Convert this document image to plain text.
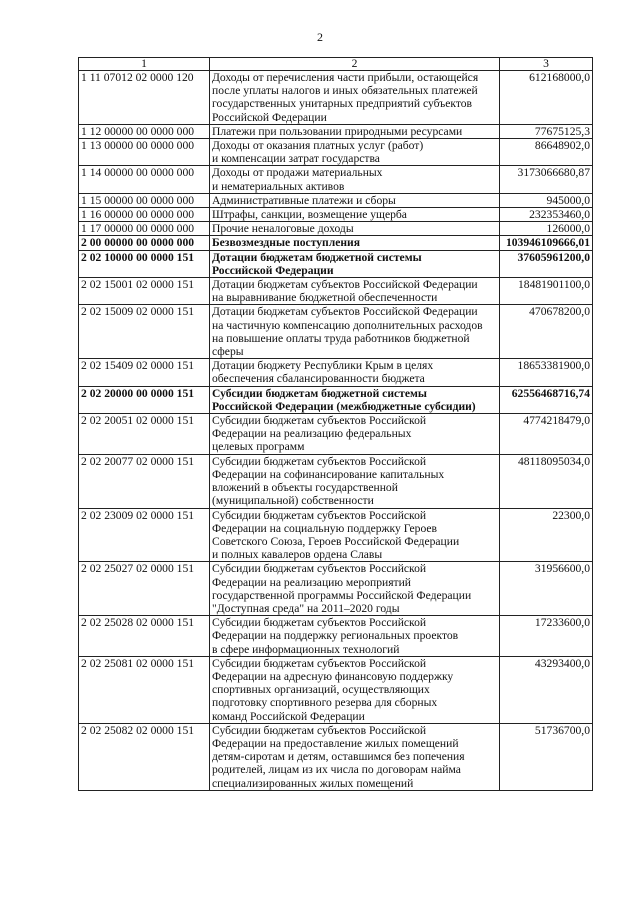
2
1	2	3
1 11 07012 02 0000 120	Доходы от перечисления части прибыли, остающейся
после уплаты налогов и иных обязательных платежей
государственных унитарных предприятий субъектов
Российской Федерации	612168000,0
1 12 00000 00 0000 000	Платежи при пользовании природными ресурсами	77675125,3
1 13 00000 00 0000 000	Доходы от оказания платных услуг (работ)
и компенсации затрат государства	86648902,0
1 14 00000 00 0000 000	Доходы от продажи материальных
и нематериальных активов	3173066680,87
1 15 00000 00 0000 000	Административные платежи и сборы	945000,0
1 16 00000 00 0000 000	Штрафы, санкции, возмещение ущерба	232353460,0
1 17 00000 00 0000 000	Прочие неналоговые доходы	126000,0
2 00 00000 00 0000 000	Безвозмездные поступления	103946109666,01
2 02 10000 00 0000 151	Дотации бюджетам бюджетной системы
Российской Федерации	37605961200,0
2 02 15001 02 0000 151	Дотации бюджетам субъектов Российской Федерации
на выравнивание бюджетной обеспеченности	18481901100,0
2 02 15009 02 0000 151	Дотации бюджетам субъектов Российской Федерации
на частичную компенсацию дополнительных расходов
на повышение оплаты труда работников бюджетной
сферы	470678200,0
2 02 15409 02 0000 151	Дотации бюджету Республики Крым в целях
обеспечения сбалансированности бюджета	18653381900,0
2 02 20000 00 0000 151	Субсидии бюджетам бюджетной системы
Российской Федерации (межбюджетные субсидии)	62556468716,74
2 02 20051 02 0000 151	Субсидии бюджетам субъектов Российской
Федерации на реализацию федеральных
целевых программ	4774218479,0
2 02 20077 02 0000 151	Субсидии бюджетам субъектов Российской
Федерации на софинансирование капитальных
вложений в объекты государственной
(муниципальной) собственности	48118095034,0
2 02 23009 02 0000 151	Субсидии бюджетам субъектов Российской
Федерации на социальную поддержку Героев
Советского Союза, Героев Российской Федерации
и полных кавалеров ордена Славы	22300,0
2 02 25027 02 0000 151	Субсидии бюджетам субъектов Российской
Федерации на реализацию мероприятий
государственной программы Российской Федерации
"Доступная среда" на 2011–2020 годы	31956600,0
2 02 25028 02 0000 151	Субсидии бюджетам субъектов Российской
Федерации на поддержку региональных проектов
в сфере информационных технологий	17233600,0
2 02 25081 02 0000 151	Субсидии бюджетам субъектов Российской
Федерации на адресную финансовую поддержку
спортивных организаций, осуществляющих
подготовку спортивного резерва для сборных
команд Российской Федерации	43293400,0
2 02 25082 02 0000 151	Субсидии бюджетам субъектов Российской
Федерации на предоставление жилых помещений
детям-сиротам и детям, оставшимся без попечения
родителей, лицам из их числа по договорам найма
специализированных жилых помещений	51736700,0
